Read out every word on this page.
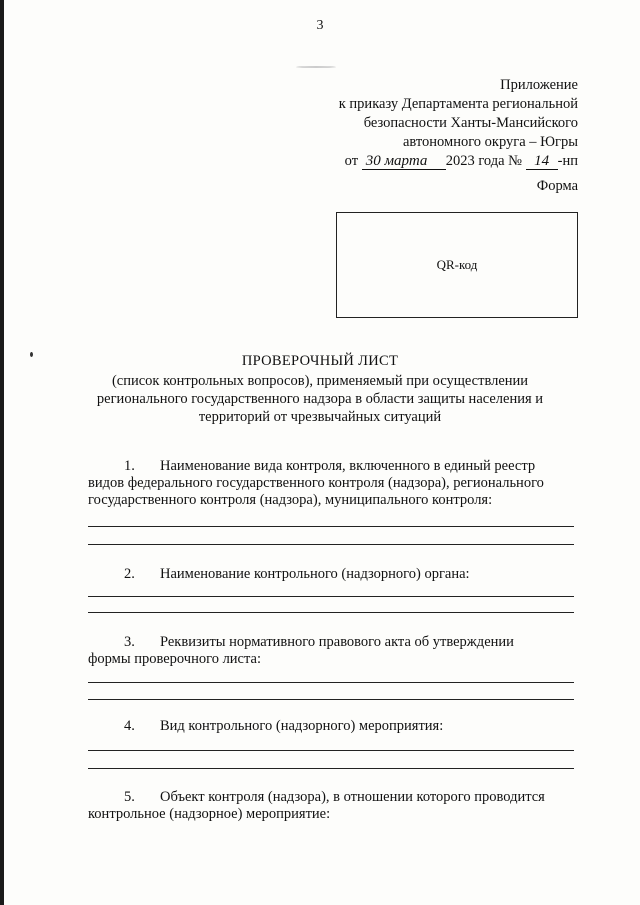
3
Приложение
к приказу Департамента региональной
безопасности Ханты-Мансийского
автономного округа – Югры
от 30 марта 2023 года № 14 -нп
Форма
QR-код
ПРОВЕРОЧНЫЙ ЛИСТ
(список контрольных вопросов), применяемый при осуществлении
регионального государственного надзора в области защиты населения и
территорий от чрезвычайных ситуаций
1. Наименование вида контроля, включенного в единый реестр
видов федерального государственного контроля (надзора), регионального
государственного контроля (надзора), муниципального контроля:
2. Наименование контрольного (надзорного) органа:
3. Реквизиты нормативного правового акта об утверждении
формы проверочного листа:
4. Вид контрольного (надзорного) мероприятия:
5. Объект контроля (надзора), в отношении которого проводится
контрольное (надзорное) мероприятие:
